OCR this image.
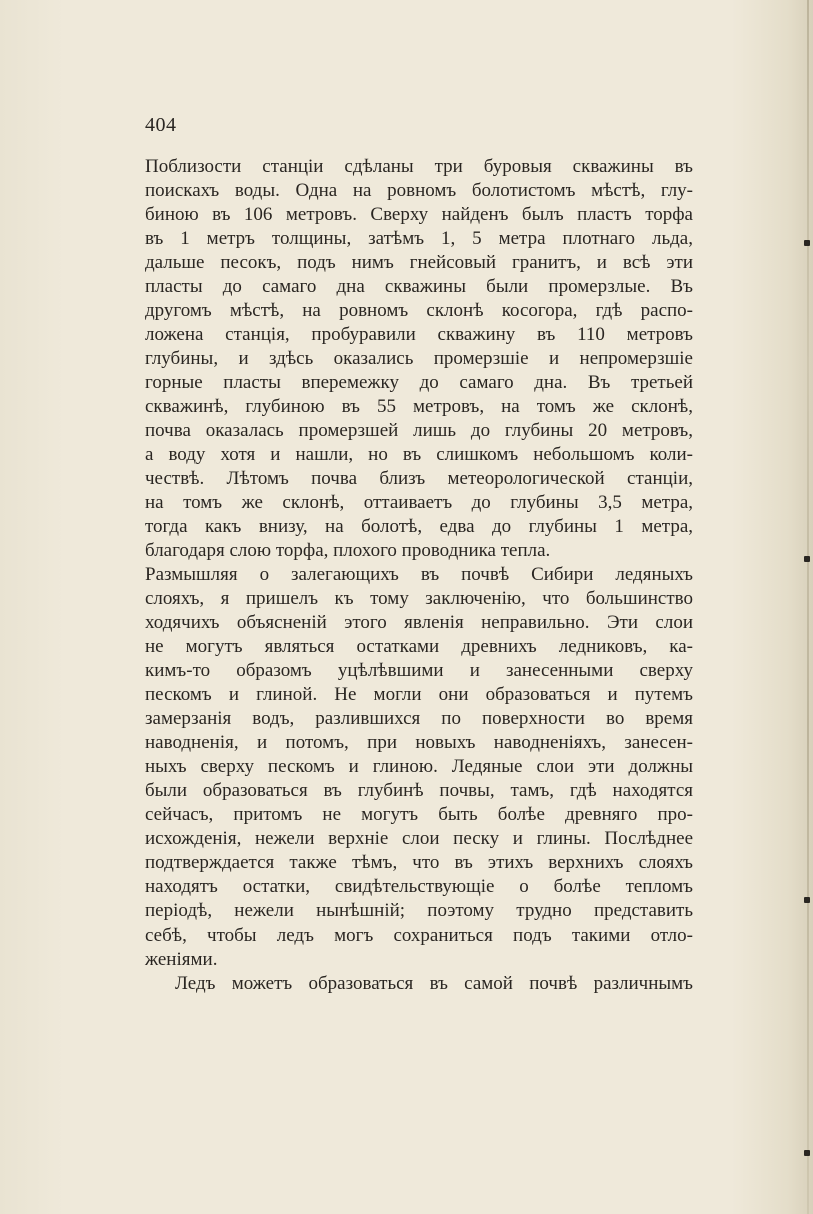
404
Поблизости станціи сдѣланы три буровыя скважины въ
поискахъ воды. Одна на ровномъ болотистомъ мѣстѣ, глу-
биною въ 106 метровъ. Сверху найденъ былъ пластъ торфа
въ 1 метръ толщины, затѣмъ 1, 5 метра плотнаго льда,
дальше песокъ, подъ нимъ гнейсовый гранитъ, и всѣ эти
пласты до самаго дна скважины были промерзлые. Въ
другомъ мѣстѣ, на ровномъ склонѣ косогора, гдѣ распо-
ложена станція, пробуравили скважину въ 110 метровъ
глубины, и здѣсь оказались промерзшіе и непромерзшіе
горные пласты вперемежку до самаго дна. Въ третьей
скважинѣ, глубиною въ 55 метровъ, на томъ же склонѣ,
почва оказалась промерзшей лишь до глубины 20 метровъ,
а воду хотя и нашли, но въ слишкомъ небольшомъ коли-
чествѣ. Лѣтомъ почва близъ метеорологической станціи,
на томъ же склонѣ, оттаиваетъ до глубины 3,5 метра,
тогда какъ внизу, на болотѣ, едва до глубины 1 метра,
благодаря слою торфа, плохого проводника тепла.
Размышляя о залегающихъ въ почвѣ Сибири ледяныхъ
слояхъ, я пришелъ къ тому заключенію, что большинство
ходячихъ объясненій этого явленія неправильно. Эти слои
не могутъ являться остатками древнихъ ледниковъ, ка-
кимъ-то образомъ уцѣлѣвшими и занесенными сверху
пескомъ и глиной. Не могли они образоваться и путемъ
замерзанія водъ, разлившихся по поверхности во время
наводненія, и потомъ, при новыхъ наводненіяхъ, занесен-
ныхъ сверху пескомъ и глиною. Ледяные слои эти должны
были образоваться въ глубинѣ почвы, тамъ, гдѣ находятся
сейчасъ, притомъ не могутъ быть болѣе древняго про-
исхожденія, нежели верхніе слои песку и глины. Послѣднее
подтверждается также тѣмъ, что въ этихъ верхнихъ слояхъ
находятъ остатки, свидѣтельствующіе о болѣе тепломъ
періодѣ, нежели нынѣшній; поэтому трудно представить
себѣ, чтобы ледъ могъ сохраниться подъ такими отло-
женіями.
Ледъ можетъ образоваться въ самой почвѣ различнымъ
